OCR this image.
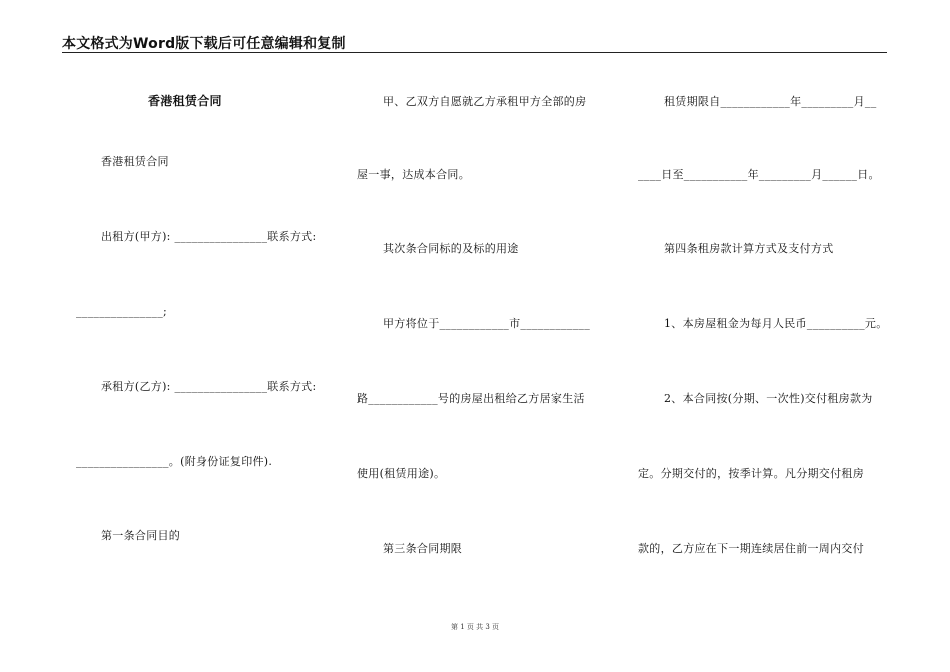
本文格式为Word版下载后可任意编辑和复制
香港租赁合同
香港租赁合同
出租方(甲方): ________________联系方式:
_______________;
承租方(乙方): ________________联系方式:
________________。(附身份证复印件).
第一条合同目的
甲、乙双方自愿就乙方承租甲方全部的房
屋一事，达成本合同。
其次条合同标的及标的用途
甲方将位于____________市____________
路____________号的房屋出租给乙方居家生活
使用(租赁用途)。
第三条合同期限
租赁期限自____________年_________月__
____日至___________年_________月______日。
第四条租房款计算方式及支付方式
1、本房屋租金为每月人民币__________元。
2、本合同按(分期、一次性)交付租房款为
定。分期交付的，按季计算。凡分期交付租房
款的，乙方应在下一期连续居住前一周内交付
第 1 页 共 3 页
